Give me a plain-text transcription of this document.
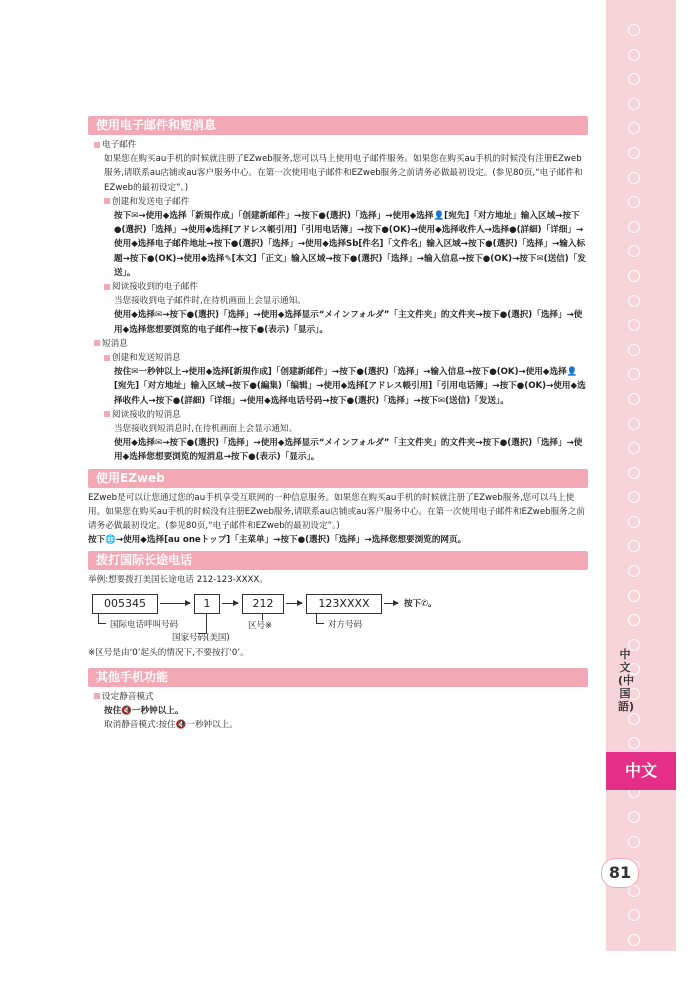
中文(中国語)
中文
81
使用电子邮件和短消息
电子邮件
如果您在购买au手机的时候就注册了EZweb服务,您可以马上使用电子邮件服务。如果您在购买au手机的时候没有注册EZweb服务,请联系au店铺或au客户服务中心。在第一次使用电子邮件和EZweb服务之前请务必做最初设定。(参见80页,“电子邮件和EZweb的最初设定”。)
创建和发送电子邮件
按下✉→使用◆选择「新規作成」「创建新邮件」→按下●(選択)「选择」→使用◆选择👤[宛先]「对方地址」输入区域→按下●(選択)「选择」→使用◆选择[アドレス帳引用]「引用电话簿」→按下●(OK)→使用◆选择收件人→选择●(詳細)「详细」→使用◆选择电子邮件地址→按下●(選択)「选择」→使用◆选择Sb[件名]「文件名」输入区域→按下●(選択)「选择」→输入标题→按下●(OK)→使用◆选择✎[本文]「正文」输入区域→按下●(選択)「选择」→输入信息→按下●(OK)→按下✉(送信)「发送」。
阅读接收到的电子邮件
当您接收到电子邮件时,在待机画面上会显示通知。
使用◆选择✉→按下●(選択)「选择」→使用◆选择显示“メインフォルダ”「主文件夹」的文件夹→按下●(選択)「选择」→使用◆选择您想要浏览的电子邮件→按下●(表示)「显示」。
短消息
创建和发送短消息
按住✉一秒钟以上→使用◆选择[新規作成]「创建新邮件」→按下●(選択)「选择」→输入信息→按下●(OK)→使用◆选择👤[宛先]「对方地址」输入区域→按下●(編集)「编辑」→使用◆选择[アドレス帳引用]「引用电话簿」→按下●(OK)→使用◆选择收件人→按下●(詳細)「详细」→使用◆选择电话号码→按下●(選択)「选择」→按下✉(送信)「发送」。
阅读接收的短消息
当您接收到短消息时,在待机画面上会显示通知。
使用◆选择✉→按下●(選択)「选择」→使用◆选择显示“メインフォルダ”「主文件夹」的文件夹→按下●(選択)「选择」→使用◆选择您想要浏览的短消息→按下●(表示)「显示」。
使用EZweb
EZweb是可以让您通过您的au手机享受互联网的一种信息服务。如果您在购买au手机的时候就注册了EZweb服务,您可以马上使用。如果您在购买au手机的时候没有注册EZweb服务,请联系au店铺或au客户服务中心。在第一次使用电子邮件和EZweb服务之前请务必做最初设定。(参见80页,“电子邮件和EZweb的最初设定”。)
按下🌐→使用◆选择[au oneトップ]「主菜单」→按下●(選択)「选择」→选择您想要浏览的网页。
拨打国际长途电话
举例:想要拨打美国长途电话 212-123-XXXX。
005345	1	212	123XXXX	按下✆。
国际电话呼叫号码
国家号码(美国)
区号※	对方号码
※区号是由‘0’起头的情况下,不要按打‘0’。
其他手机功能
设定静音模式
按住🔇一秒钟以上。
取消静音模式:按住🔇一秒钟以上。
